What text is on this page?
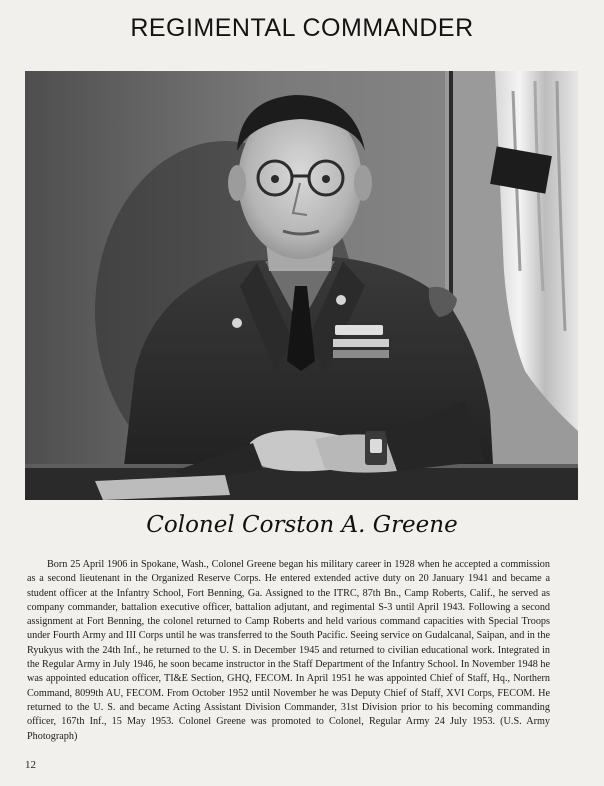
REGIMENTAL COMMANDER
Colonel Corston A. Greene

Born 25 April 1906 in Spokane, Wash., Colonel Greene began his military career in 1928 when he accepted a commission as a second lieutenant in the Organized Reserve Corps. He entered extended active duty on 20 January 1941 and became a student officer at the Infantry School, Fort Benning, Ga. Assigned to the ITRC, 87th Bn., Camp Roberts, Calif., he served as company commander, battalion executive officer, battalion adjutant, and regimental S-3 until April 1943. Following a second assignment at Fort Benning, the colonel returned to Camp Roberts and held various command capacities with Special Troops under Fourth Army and III Corps until he was transferred to the South Pacific. Seeing service on Gudalcanal, Saipan, and in the Ryukyus with the 24th Inf., he returned to the U. S. in December 1945 and returned to civilian educational work. Integrated in the Regular Army in July 1946, he soon became instructor in the Staff Department of the Infantry School. In November 1948 he was appointed education officer, TI&E Section, GHQ, FECOM. In April 1951 he was appointed Chief of Staff, Hq., Northern Command, 8099th AU, FECOM. From October 1952 until November he was Deputy Chief of Staff, XVI Corps, FECOM. He returned to the U. S. and became Acting Assistant Division Commander, 31st Division prior to his becoming commanding officer, 167th Inf., 15 May 1953. Colonel Greene was promoted to Colonel, Regular Army 24 July 1953. (U.S. Army Photograph)

12
